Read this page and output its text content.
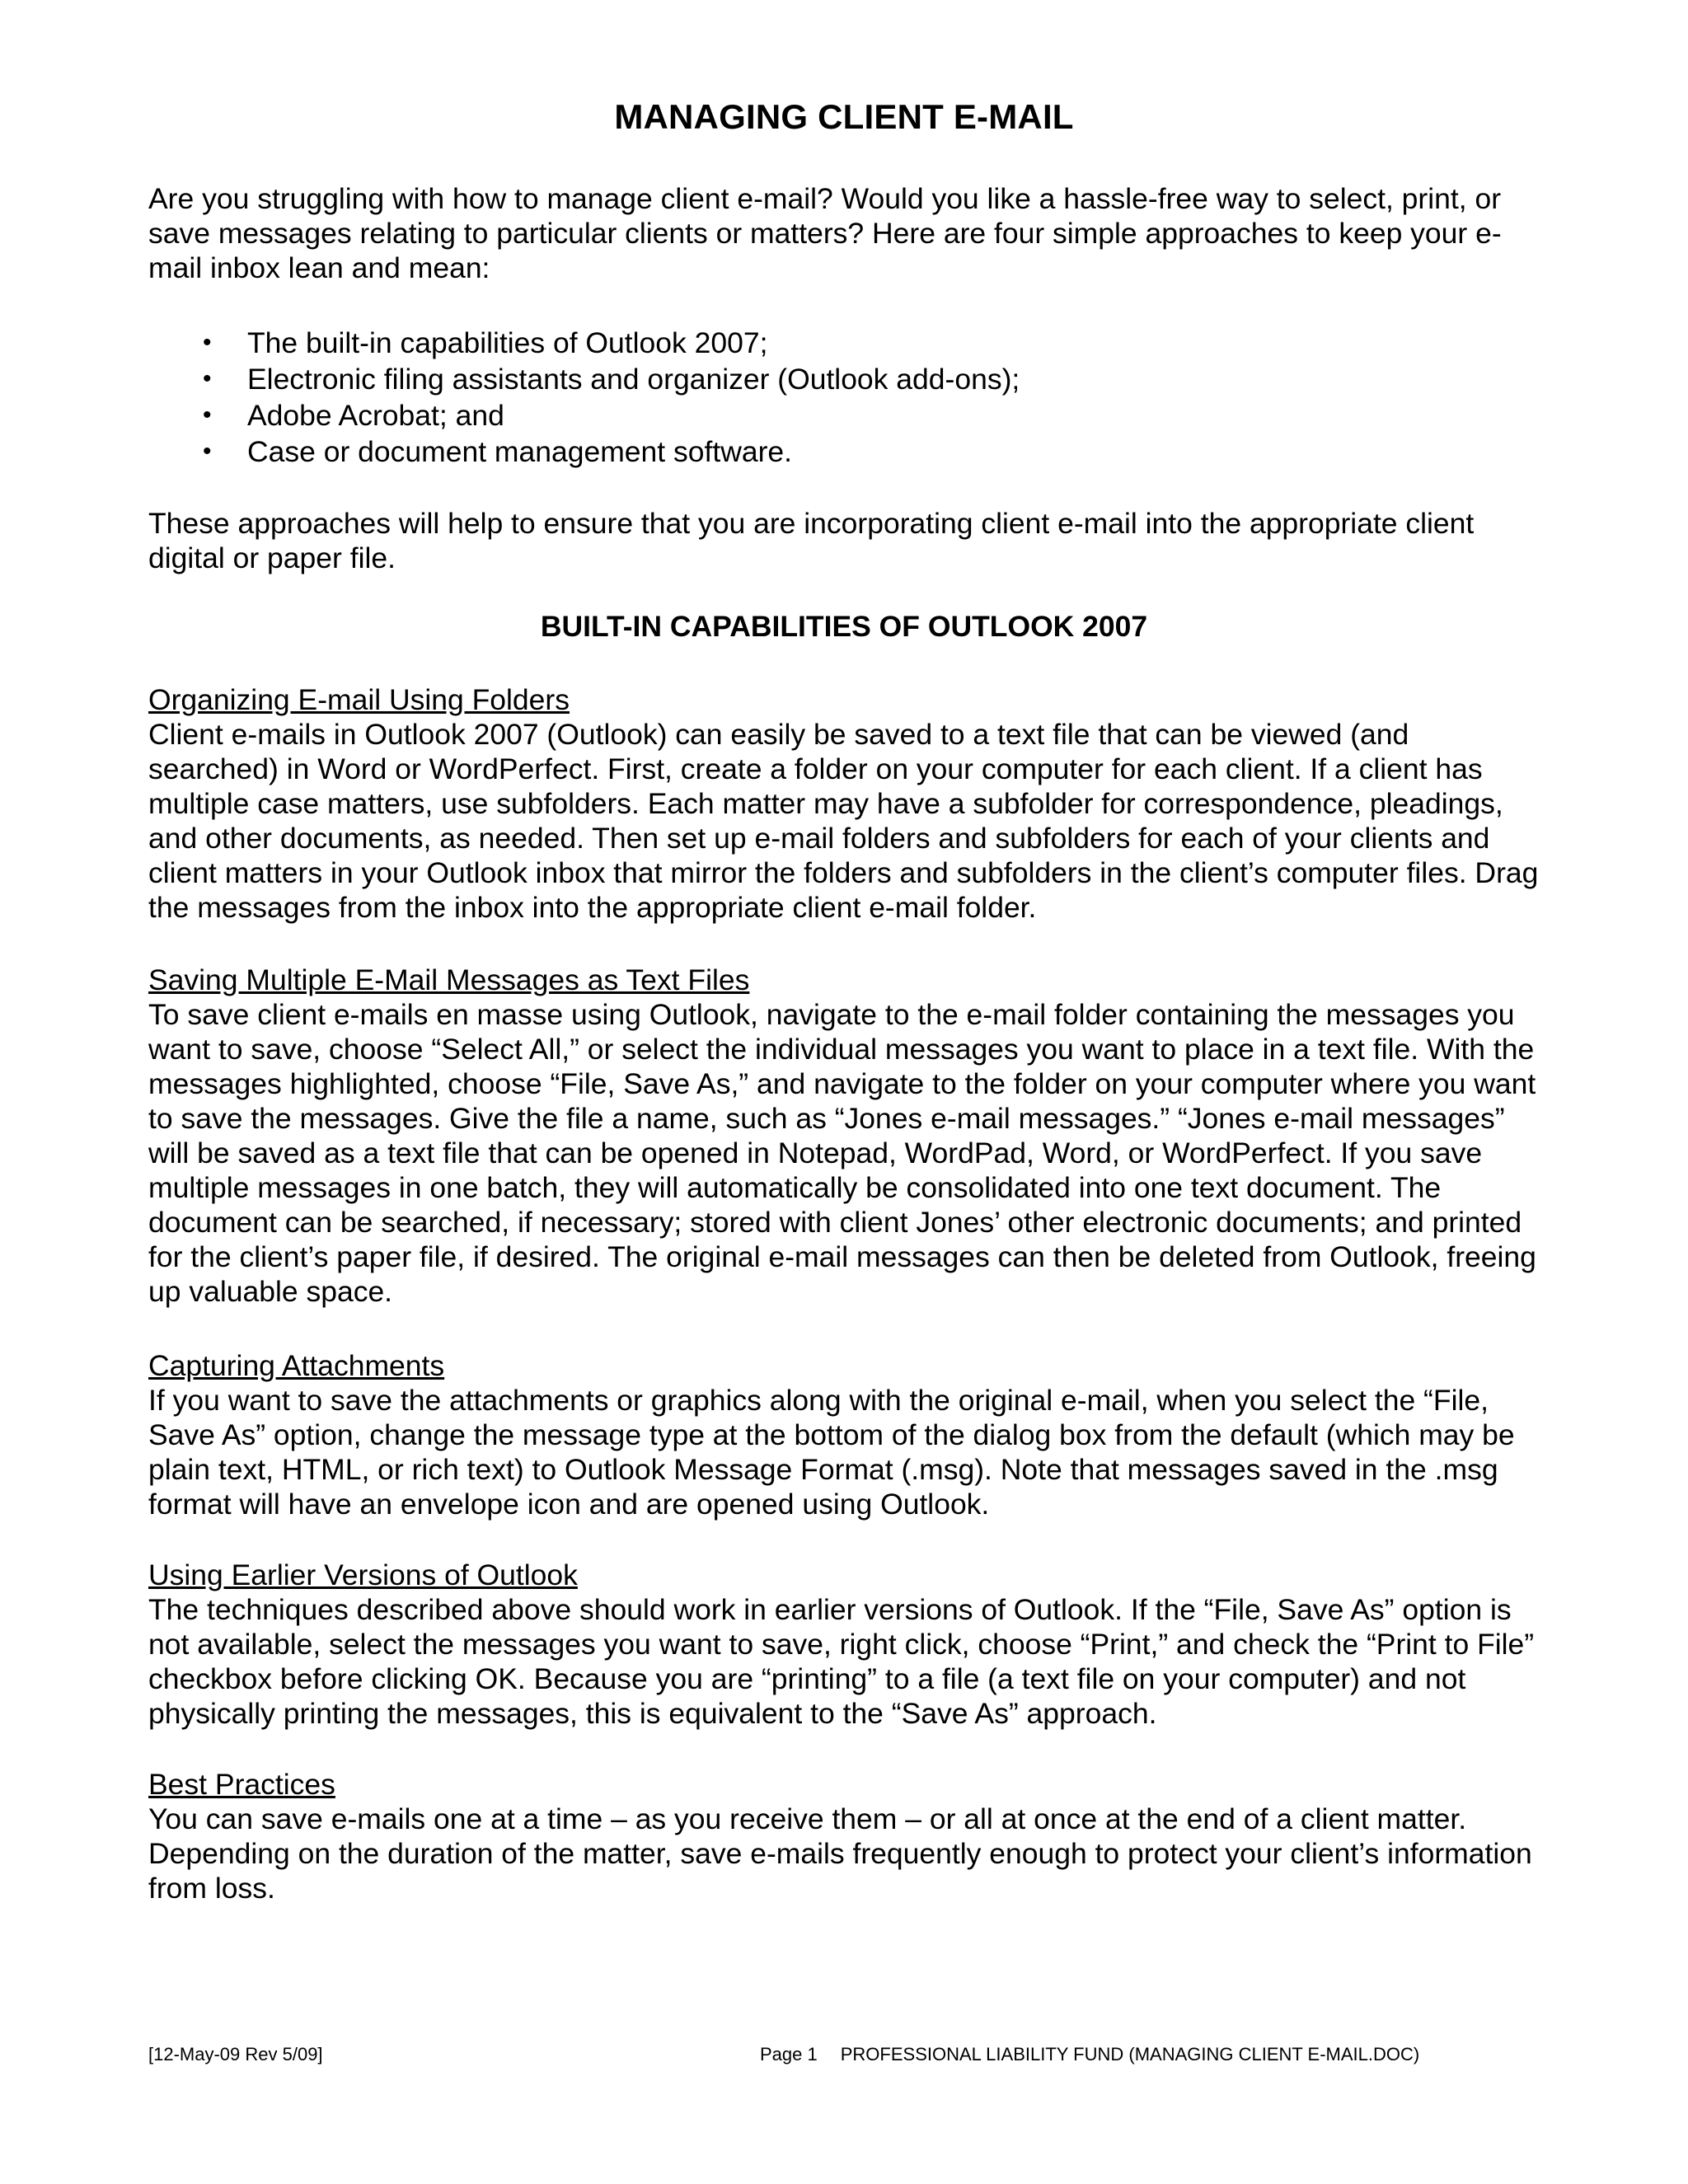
MANAGING CLIENT E-MAIL

Are you struggling with how to manage client e-mail? Would you like a hassle-free way to select, print, or save messages relating to particular clients or matters? Here are four simple approaches to keep your e-mail inbox lean and mean:

• The built-in capabilities of Outlook 2007;
• Electronic filing assistants and organizer (Outlook add-ons);
• Adobe Acrobat; and
• Case or document management software.

These approaches will help to ensure that you are incorporating client e-mail into the appropriate client digital or paper file.

BUILT-IN CAPABILITIES OF OUTLOOK 2007
Organizing E-mail Using Folders
Client e-mails in Outlook 2007 (Outlook) can easily be saved to a text file that can be viewed (and searched) in Word or WordPerfect. First, create a folder on your computer for each client. If a client has multiple case matters, use subfolders. Each matter may have a subfolder for correspondence, pleadings, and other documents, as needed. Then set up e-mail folders and subfolders for each of your clients and client matters in your Outlook inbox that mirror the folders and subfolders in the client’s computer files. Drag the messages from the inbox into the appropriate client e-mail folder.
Saving Multiple E-Mail Messages as Text Files
To save client e-mails en masse using Outlook, navigate to the e-mail folder containing the messages you want to save, choose “Select All,” or select the individual messages you want to place in a text file. With the messages highlighted, choose “File, Save As,” and navigate to the folder on your computer where you want to save the messages. Give the file a name, such as “Jones e-mail messages.” “Jones e-mail messages” will be saved as a text file that can be opened in Notepad, WordPad, Word, or WordPerfect. If you save multiple messages in one batch, they will automatically be consolidated into one text document. The document can be searched, if necessary; stored with client Jones’ other electronic documents; and printed for the client’s paper file, if desired. The original e-mail messages can then be deleted from Outlook, freeing up valuable space.
Capturing Attachments
If you want to save the attachments or graphics along with the original e-mail, when you select the “File, Save As” option, change the message type at the bottom of the dialog box from the default (which may be plain text, HTML, or rich text) to Outlook Message Format (.msg). Note that messages saved in the .msg format will have an envelope icon and are opened using Outlook.
Using Earlier Versions of Outlook
The techniques described above should work in earlier versions of Outlook. If the “File, Save As” option is not available, select the messages you want to save, right click, choose “Print,” and check the “Print to File” checkbox before clicking OK. Because you are “printing” to a file (a text file on your computer) and not physically printing the messages, this is equivalent to the “Save As” approach.
Best Practices
You can save e-mails one at a time – as you receive them – or all at once at the end of a client matter. Depending on the duration of the matter, save e-mails frequently enough to protect your client’s information from loss.
[12-May-09 Rev 5/09]	Page 1 PROFESSIONAL LIABILITY FUND (MANAGING CLIENT E-MAIL.DOC)
